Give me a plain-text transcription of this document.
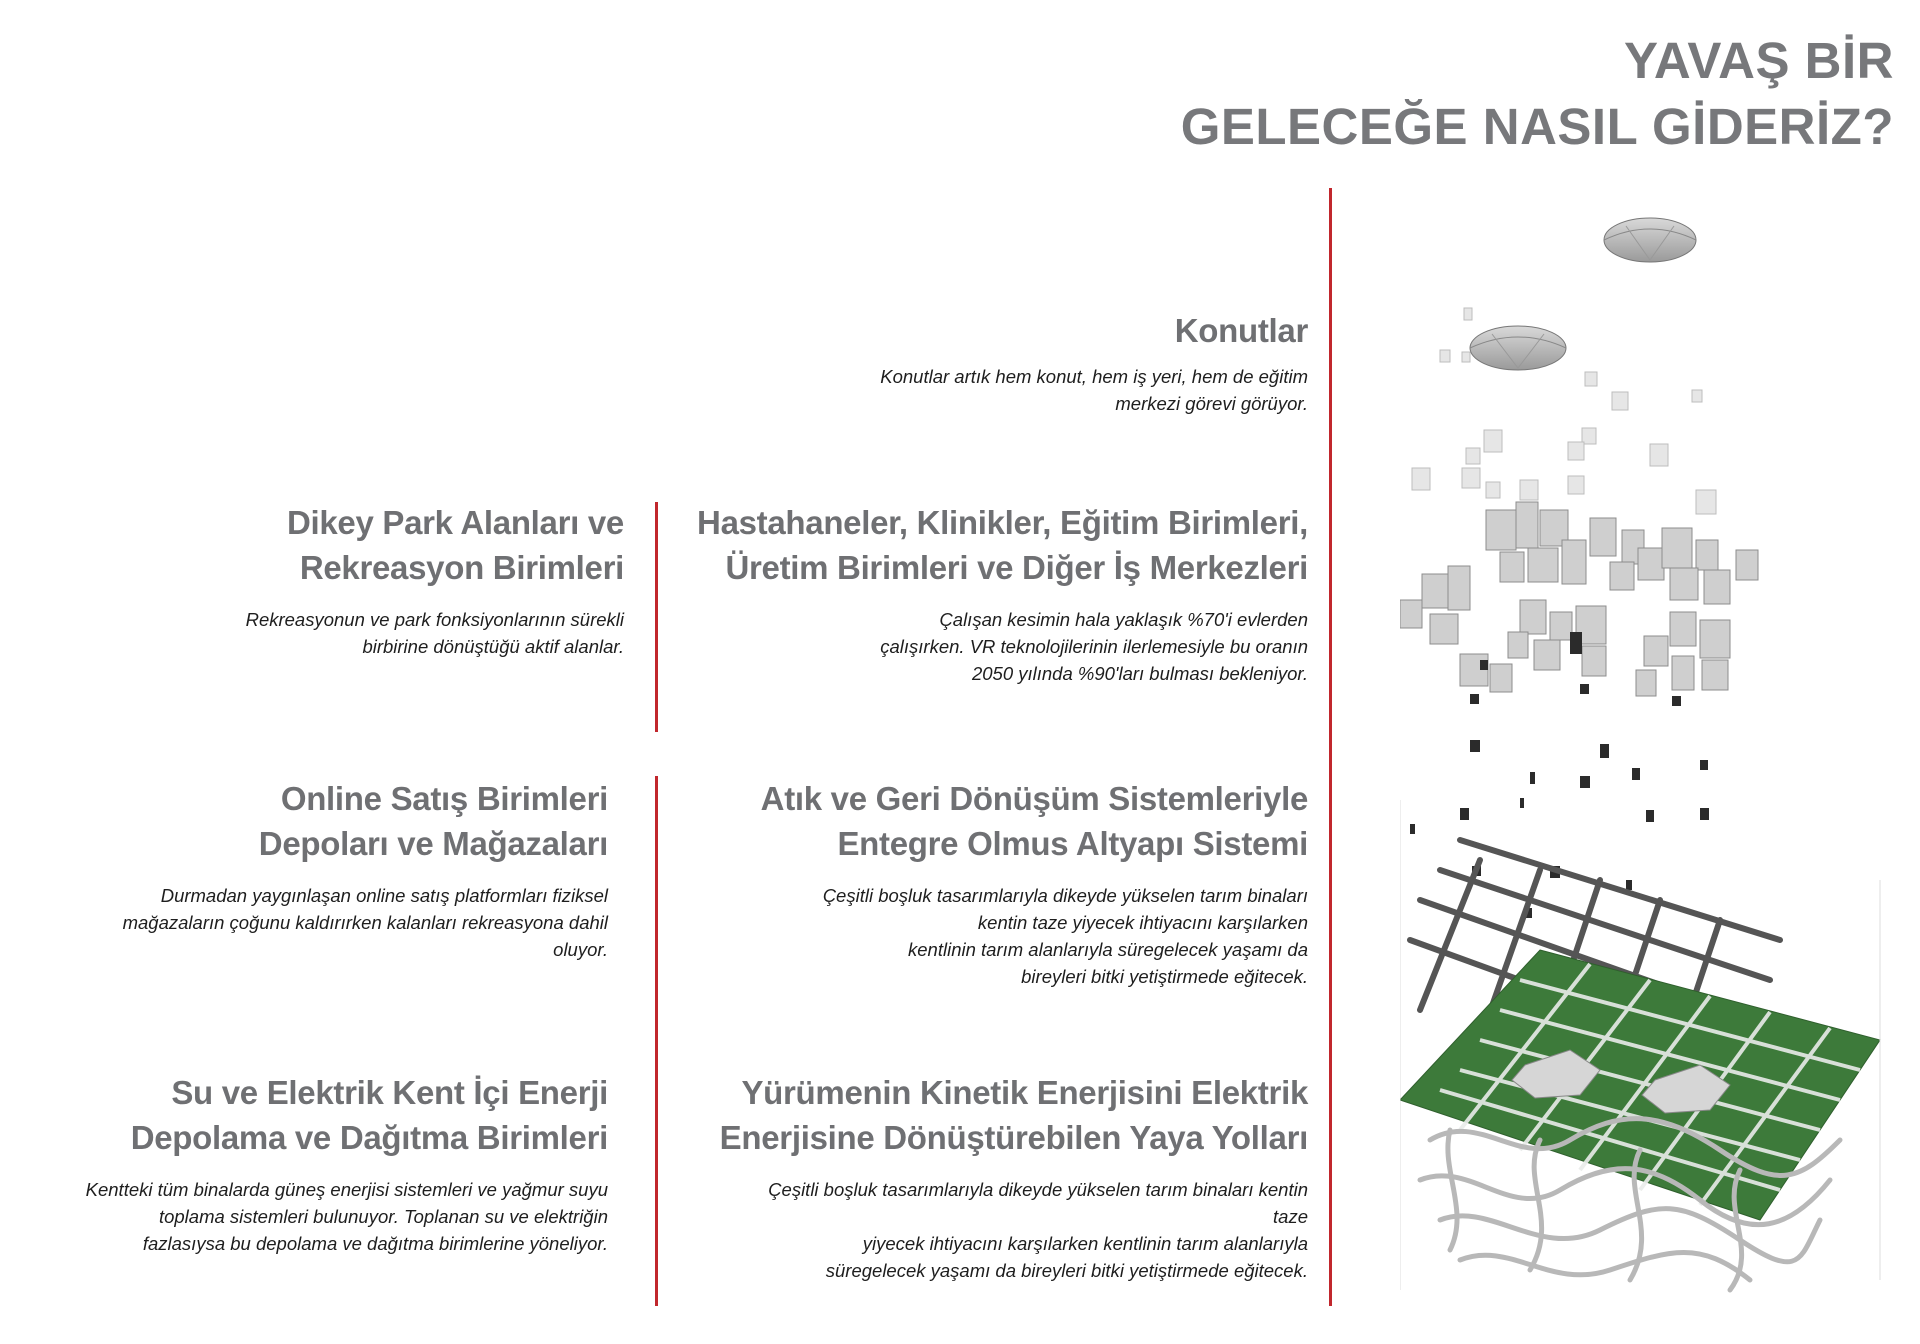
YAVAŞ BİR
GELECEĞE NASIL GİDERİZ?
Konutlar

Konutlar artık hem konut, hem iş yeri, hem de eğitim
merkezi görevi görüyor.

Hastahaneler, Klinikler, Eğitim Birimleri,
Üretim Birimleri ve Diğer İş Merkezleri

Çalışan kesimin hala yaklaşık %70'i evlerden
çalışırken. VR teknolojilerinin ilerlemesiyle bu oranın
2050 yılında %90'ları bulması bekleniyor.

Atık ve Geri Dönüşüm Sistemleriyle
Entegre Olmus Altyapı Sistemi

Çeşitli boşluk tasarımlarıyla dikeyde yükselen tarım binaları
kentin taze yiyecek ihtiyacını karşılarken
kentlinin tarım alanlarıyla süregelecek yaşamı da
bireyleri bitki yetiştirmede eğitecek.

Yürümenin Kinetik Enerjisini Elektrik
Enerjisine Dönüştürebilen Yaya Yolları

Çeşitli boşluk tasarımlarıyla dikeyde yükselen tarım binaları kentin
taze
yiyecek ihtiyacını karşılarken kentlinin tarım alanlarıyla
süregelecek yaşamı da bireyleri bitki yetiştirmede eğitecek.

Dikey Park Alanları ve
Rekreasyon Birimleri

Rekreasyonun ve park fonksiyonlarının sürekli
birbirine dönüştüğü aktif alanlar.

Online Satış Birimleri
Depoları ve Mağazaları

Durmadan yaygınlaşan online satış platformları fiziksel
mağazaların çoğunu kaldırırken kalanları rekreasyona dahil
oluyor.

Su ve Elektrik Kent İçi Enerji
Depolama ve Dağıtma Birimleri

Kentteki tüm binalarda güneş enerjisi sistemleri ve yağmur suyu
toplama sistemleri bulunuyor. Toplanan su ve elektriğin
fazlasıysa bu depolama ve dağıtma birimlerine yöneliyor.
